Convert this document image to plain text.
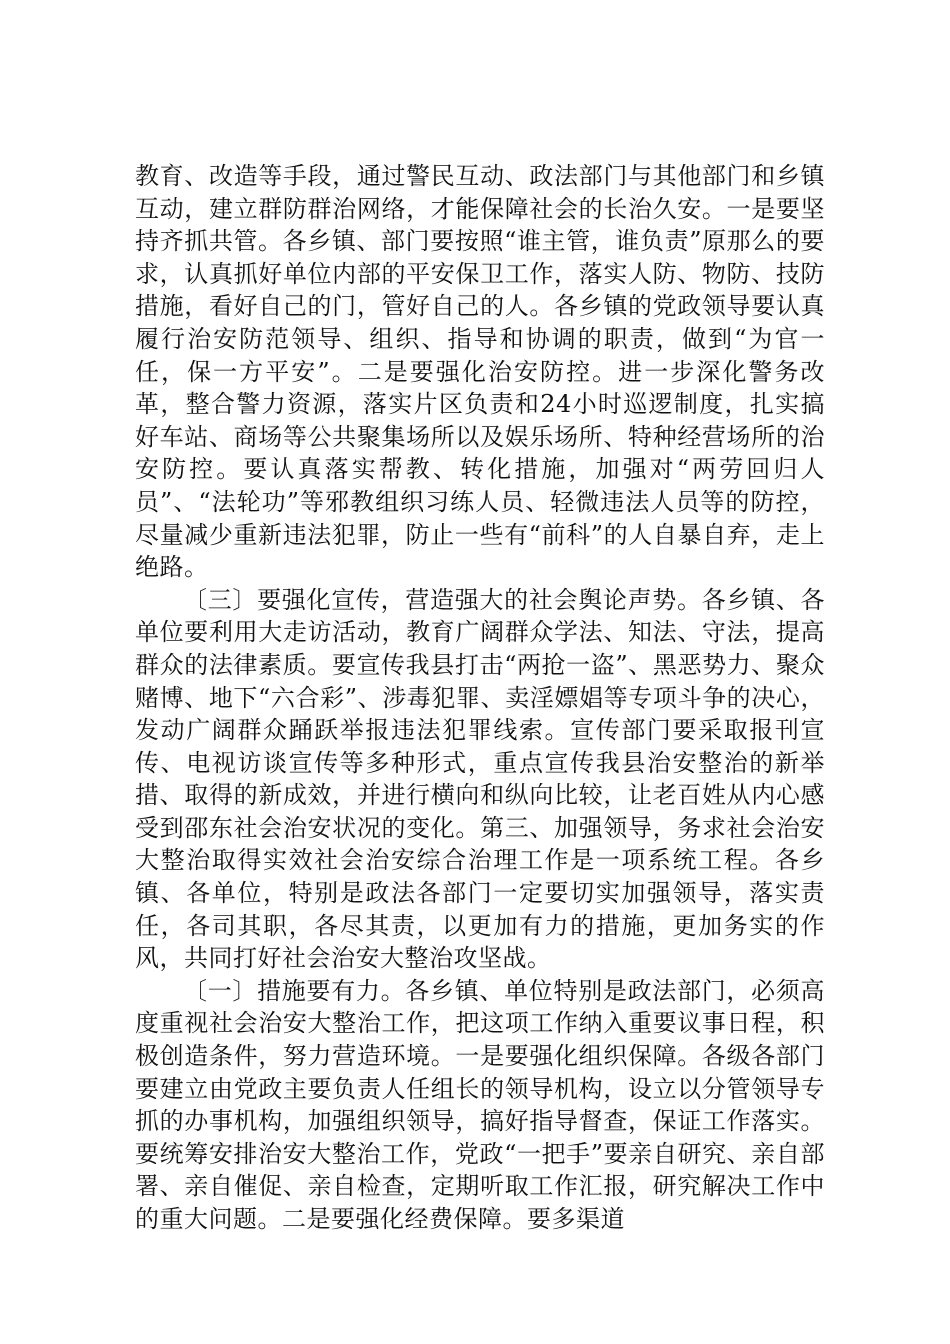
教育、改造等手段，通过警民互动、政法部门与其他部门和乡镇互动，建立群防群治网络，才能保障社会的长治久安。一是要坚持齐抓共管。各乡镇、部门要按照“谁主管，谁负责”原那么的要求，认真抓好单位内部的平安保卫工作，落实人防、物防、技防措施，看好自己的门，管好自己的人。各乡镇的党政领导要认真履行治安防范领导、组织、指导和协调的职责，做到“为官一任，保一方平安”。二是要强化治安防控。进一步深化警务改革，整合警力资源，落实片区负责和24小时巡逻制度，扎实搞好车站、商场等公共聚集场所以及娱乐场所、特种经营场所的治安防控。要认真落实帮教、转化措施，加强对“两劳回归人员”、“法轮功”等邪教组织习练人员、轻微违法人员等的防控，尽量减少重新违法犯罪，防止一些有“前科”的人自暴自弃，走上绝路。

〔三〕要强化宣传，营造强大的社会舆论声势。各乡镇、各单位要利用大走访活动，教育广阔群众学法、知法、守法，提高群众的法律素质。要宣传我县打击“两抢一盗”、黑恶势力、聚众赌博、地下“六合彩”、涉毒犯罪、卖淫嫖娼等专项斗争的决心，发动广阔群众踊跃举报违法犯罪线索。宣传部门要采取报刊宣传、电视访谈宣传等多种形式，重点宣传我县治安整治的新举措、取得的新成效，并进行横向和纵向比较，让老百姓从内心感受到邵东社会治安状况的变化。第三、加强领导，务求社会治安大整治取得实效社会治安综合治理工作是一项系统工程。各乡镇、各单位，特别是政法各部门一定要切实加强领导，落实责任，各司其职，各尽其责，以更加有力的措施，更加务实的作风，共同打好社会治安大整治攻坚战。

〔一〕措施要有力。各乡镇、单位特别是政法部门，必须高度重视社会治安大整治工作，把这项工作纳入重要议事日程，积极创造条件，努力营造环境。一是要强化组织保障。各级各部门要建立由党政主要负责人任组长的领导机构，设立以分管领导专抓的办事机构，加强组织领导，搞好指导督查，保证工作落实。要统筹安排治安大整治工作，党政“一把手”要亲自研究、亲自部署、亲自催促、亲自检查，定期听取工作汇报，研究解决工作中的重大问题。二是要强化经费保障。要多渠道
